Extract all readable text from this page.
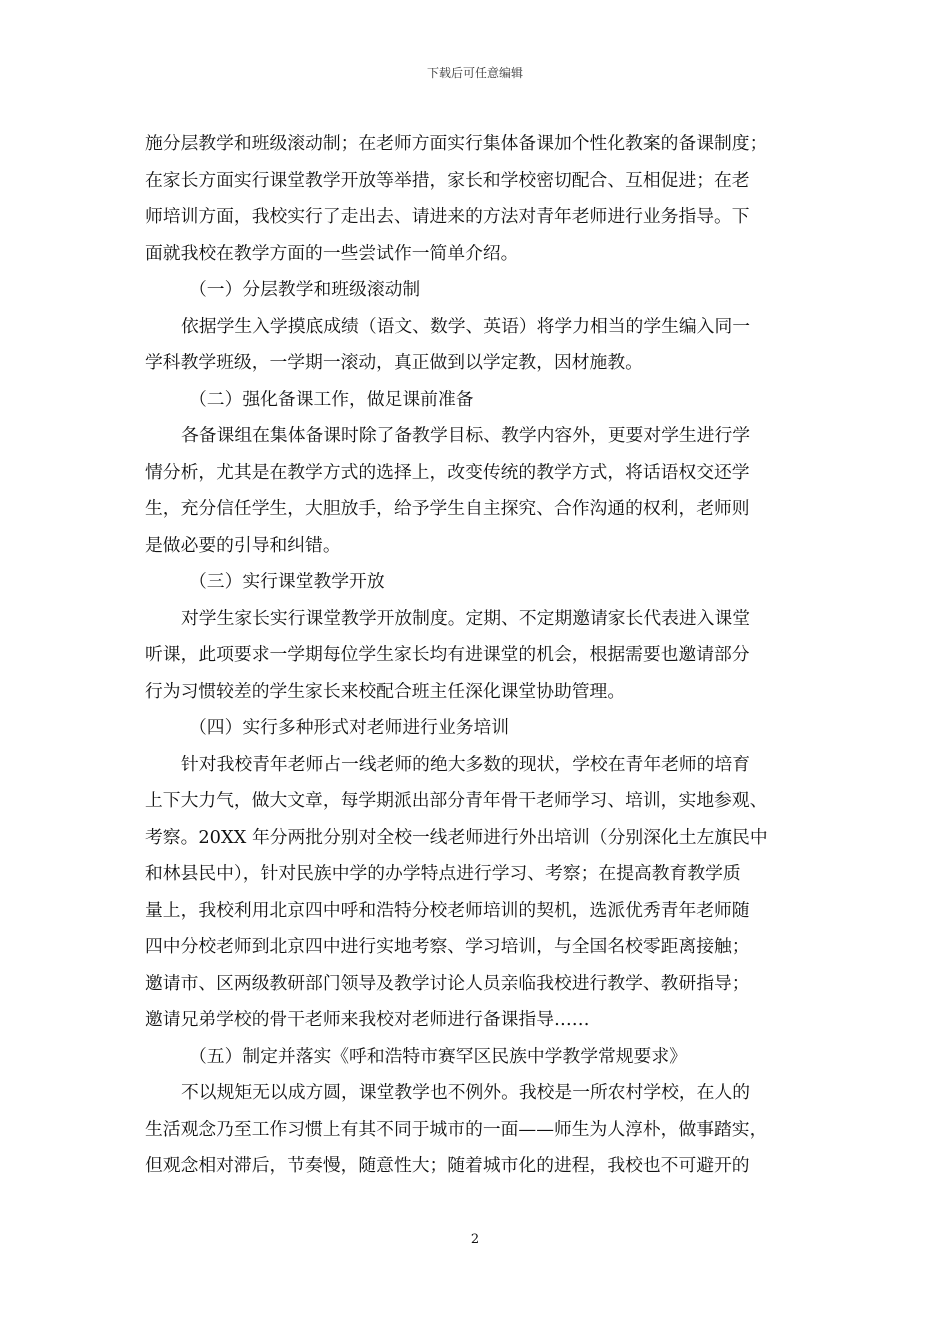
下载后可任意编辑
施分层教学和班级滚动制；在老师方面实行集体备课加个性化教案的备课制度；
在家长方面实行课堂教学开放等举措，家长和学校密切配合、互相促进；在老
师培训方面，我校实行了走出去、请进来的方法对青年老师进行业务指导。下
面就我校在教学方面的一些尝试作一简单介绍。
（一）分层教学和班级滚动制
依据学生入学摸底成绩（语文、数学、英语）将学力相当的学生编入同一
学科教学班级，一学期一滚动，真正做到以学定教，因材施教。
（二）强化备课工作，做足课前准备
各备课组在集体备课时除了备教学目标、教学内容外，更要对学生进行学
情分析，尤其是在教学方式的选择上，改变传统的教学方式，将话语权交还学
生，充分信任学生，大胆放手，给予学生自主探究、合作沟通的权利，老师则
是做必要的引导和纠错。
（三）实行课堂教学开放
对学生家长实行课堂教学开放制度。定期、不定期邀请家长代表进入课堂
听课，此项要求一学期每位学生家长均有进课堂的机会，根据需要也邀请部分
行为习惯较差的学生家长来校配合班主任深化课堂协助管理。
（四）实行多种形式对老师进行业务培训
针对我校青年老师占一线老师的绝大多数的现状，学校在青年老师的培育
上下大力气，做大文章，每学期派出部分青年骨干老师学习、培训，实地参观、
考察。20XX 年分两批分别对全校一线老师进行外出培训（分别深化土左旗民中
和林县民中），针对民族中学的办学特点进行学习、考察；在提高教育教学质
量上，我校利用北京四中呼和浩特分校老师培训的契机，选派优秀青年老师随
四中分校老师到北京四中进行实地考察、学习培训，与全国名校零距离接触；
邀请市、区两级教研部门领导及教学讨论人员亲临我校进行教学、教研指导；
邀请兄弟学校的骨干老师来我校对老师进行备课指导……
（五）制定并落实《呼和浩特市赛罕区民族中学教学常规要求》
不以规矩无以成方圆，课堂教学也不例外。我校是一所农村学校，在人的
生活观念乃至工作习惯上有其不同于城市的一面——师生为人淳朴，做事踏实，
但观念相对滞后，节奏慢，随意性大；随着城市化的进程，我校也不可避开的
2
